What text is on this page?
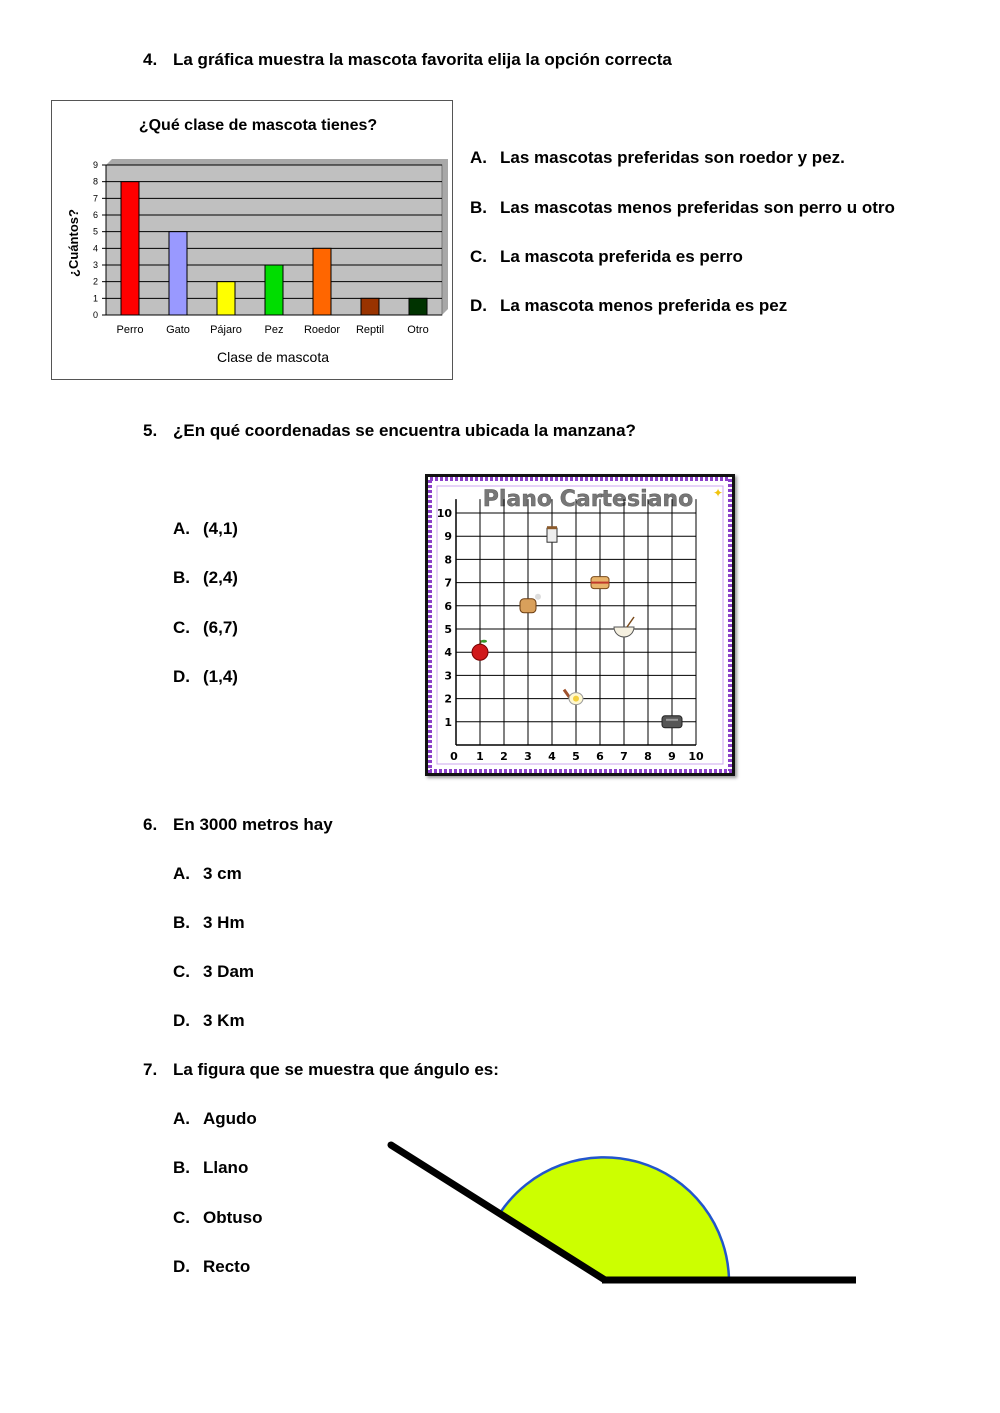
4. La gráfica muestra la mascota favorita elija la opción correcta
0
1
2
3
4
5
6
7
8
9
Perro Gato Pájaro Pez Roedor Reptil Otro
¿Qué clase de mascota tienes?
Clase de mascota
¿Cuántos?
A. Las mascotas preferidas son roedor y pez.
B. Las mascotas menos preferidas son perro u otro
C. La mascota preferida es perro
D. La mascota menos preferida es pez
5. ¿En qué coordenadas se encuentra ubicada la manzana?
A. (4,1)
B. (2,4)
C. (6,7)
D. (1,4)
Plano Cartesiano ✦
0 1 2 3 4 5 6 7 8 9 10
1
2
3
4
5
6
7
8
9
10
6. En 3000 metros hay
A. 3 cm
B. 3 Hm
C. 3 Dam
D. 3 Km
7. La figura que se muestra que ángulo es:
A. Agudo
B. Llano
C. Obtuso
D. Recto
